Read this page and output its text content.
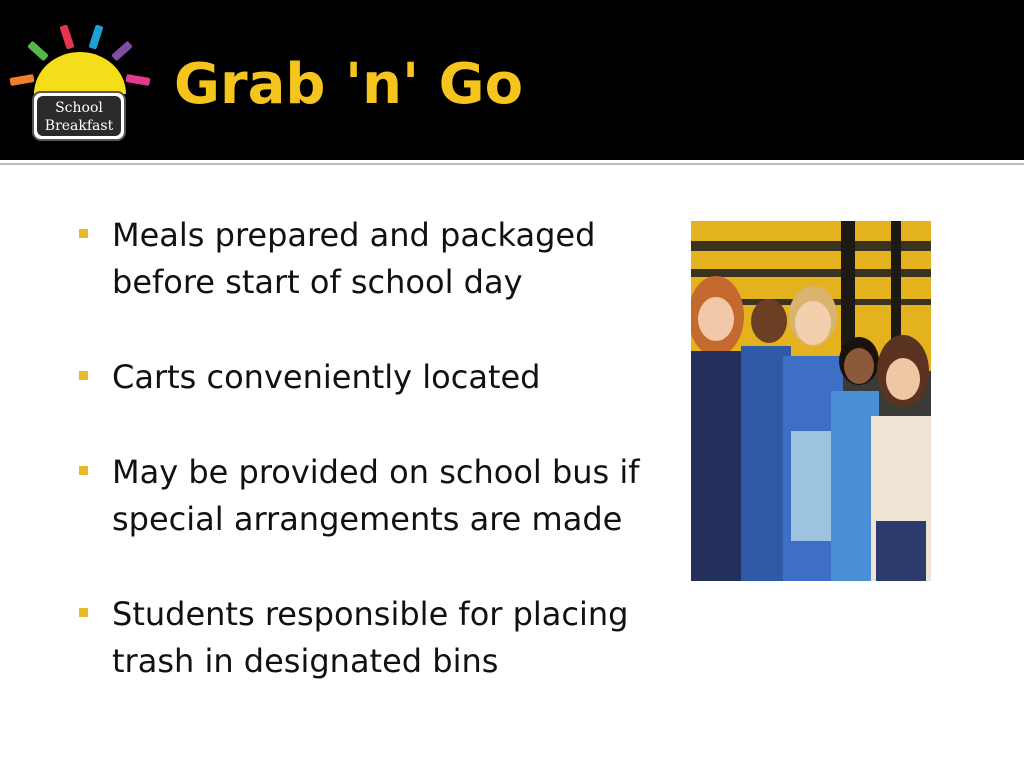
School
Breakfast
Grab 'n' Go
Meals prepared and packaged before start of school day
Carts conveniently located
May be provided on school bus if special arrangements are made
Students responsible for placing trash in designated bins
